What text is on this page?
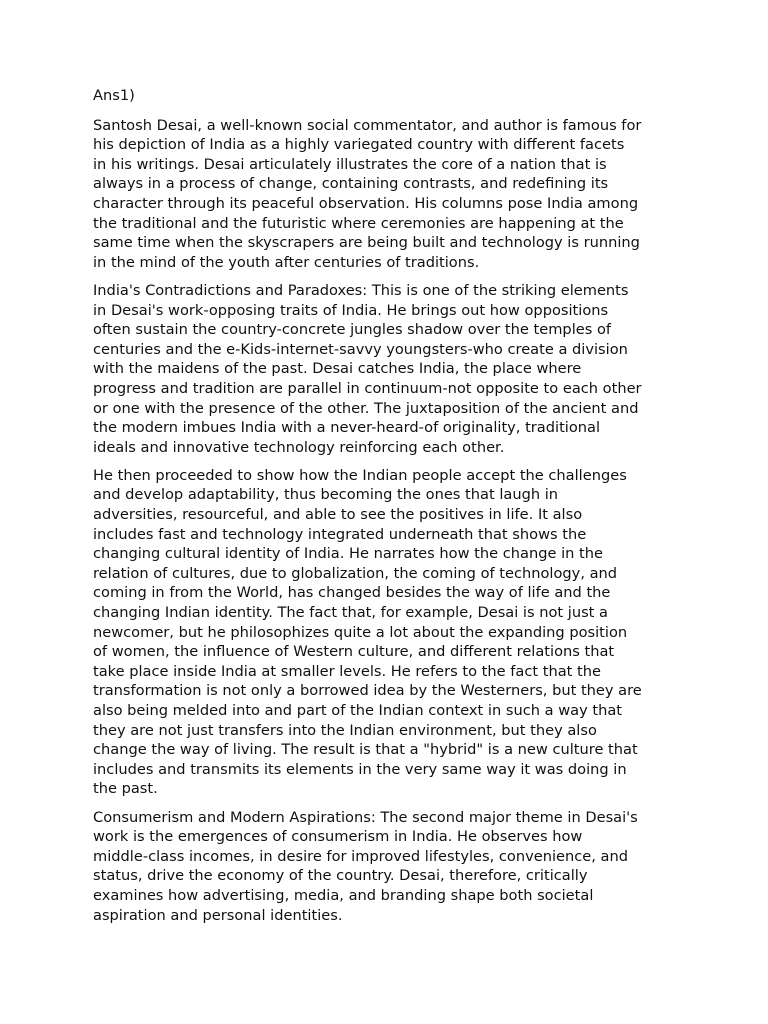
Ans1)
Santosh Desai, a well-known social commentator, and author is famous for
his depiction of India as a highly variegated country with different facets
in his writings. Desai articulately illustrates the core of a nation that is
always in a process of change, containing contrasts, and redefining its
character through its peaceful observation. His columns pose India among
the traditional and the futuristic where ceremonies are happening at the
same time when the skyscrapers are being built and technology is running
in the mind of the youth after centuries of traditions.
India's Contradictions and Paradoxes: This is one of the striking elements
in Desai's work-opposing traits of India. He brings out how oppositions
often sustain the country-concrete jungles shadow over the temples of
centuries and the e-Kids-internet-savvy youngsters-who create a division
with the maidens of the past. Desai catches India, the place where
progress and tradition are parallel in continuum-not opposite to each other
or one with the presence of the other. The juxtaposition of the ancient and
the modern imbues India with a never-heard-of originality, traditional
ideals and innovative technology reinforcing each other.
He then proceeded to show how the Indian people accept the challenges
and develop adaptability, thus becoming the ones that laugh in
adversities, resourceful, and able to see the positives in life. It also
includes fast and technology integrated underneath that shows the
changing cultural identity of India. He narrates how the change in the
relation of cultures, due to globalization, the coming of technology, and
coming in from the World, has changed besides the way of life and the
changing Indian identity. The fact that, for example, Desai is not just a
newcomer, but he philosophizes quite a lot about the expanding position
of women, the influence of Western culture, and different relations that
take place inside India at smaller levels. He refers to the fact that the
transformation is not only a borrowed idea by the Westerners, but they are
also being melded into and part of the Indian context in such a way that
they are not just transfers into the Indian environment, but they also
change the way of living. The result is that a "hybrid" is a new culture that
includes and transmits its elements in the very same way it was doing in
the past.
Consumerism and Modern Aspirations: The second major theme in Desai's
work is the emergences of consumerism in India. He observes how
middle-class incomes, in desire for improved lifestyles, convenience, and
status, drive the economy of the country. Desai, therefore, critically
examines how advertising, media, and branding shape both societal
aspiration and personal identities.
